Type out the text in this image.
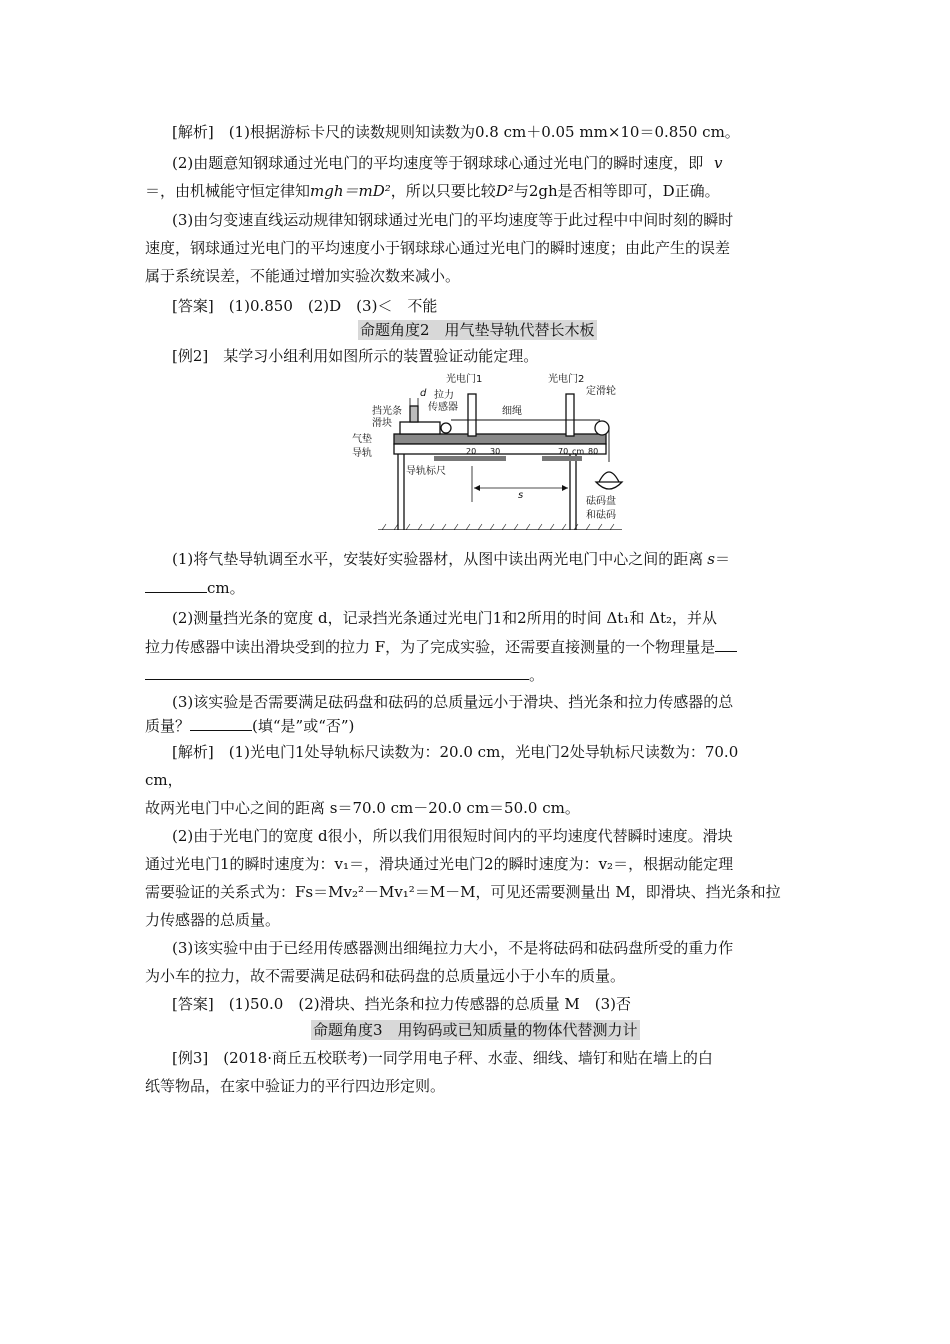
[解析]　(1)根据游标卡尺的读数规则知读数为0.8 cm＋0.05 mm×10＝0.850 cm。
(2)由题意知钢球通过光电门的平均速度等于钢球球心通过光电门的瞬时速度，即 v
＝，由机械能守恒定律知mgh＝mD²，所以只要比较D²与2gh是否相等即可，D正确。
(3)由匀变速直线运动规律知钢球通过光电门的平均速度等于此过程中中间时刻的瞬时
速度，钢球通过光电门的平均速度小于钢球球心通过光电门的瞬时速度；由此产生的误差
属于系统误差，不能通过增加实验次数来减小。
[答案]　(1)0.850　(2)D　(3)＜　不能
命题角度2　用气垫导轨代替长木板
[例2]　某学习小组利用如图所示的装置验证动能定理。
d
光电门1	光电门2
拉力
传感器
挡光条
滑块
细绳
定滑轮
气垫
导轨	20 30	70 cm 80
导轨标尺
s
砝码盘
和砝码
(1)将气垫导轨调至水平，安装好实验器材，从图中读出两光电门中心之间的距离 s＝
cm。
(2)测量挡光条的宽度 d，记录挡光条通过光电门1和2所用的时间 Δt₁和 Δt₂，并从
拉力传感器中读出滑块受到的拉力 F，为了完成实验，还需要直接测量的一个物理量是
。
(3)该实验是否需要满足砝码盘和砝码的总质量远小于滑块、挡光条和拉力传感器的总
质量？	(填“是”或“否”)
[解析]　(1)光电门1处导轨标尺读数为：20.0 cm，光电门2处导轨标尺读数为：70.0
cm，
故两光电门中心之间的距离 s＝70.0 cm－20.0 cm＝50.0 cm。
(2)由于光电门的宽度 d很小，所以我们用很短时间内的平均速度代替瞬时速度。滑块
通过光电门1的瞬时速度为：v₁＝，滑块通过光电门2的瞬时速度为：v₂＝，根据动能定理
需要验证的关系式为：Fs＝Mv₂²－Mv₁²＝M－M，可见还需要测量出 M，即滑块、挡光条和拉
力传感器的总质量。
(3)该实验中由于已经用传感器测出细绳拉力大小，不是将砝码和砝码盘所受的重力作
为小车的拉力，故不需要满足砝码和砝码盘的总质量远小于小车的质量。
[答案]　(1)50.0　(2)滑块、挡光条和拉力传感器的总质量 M　(3)否
命题角度3　用钩码或已知质量的物体代替测力计
[例3]　(2018·商丘五校联考)一同学用电子秤、水壶、细线、墙钉和贴在墙上的白
纸等物品，在家中验证力的平行四边形定则。
